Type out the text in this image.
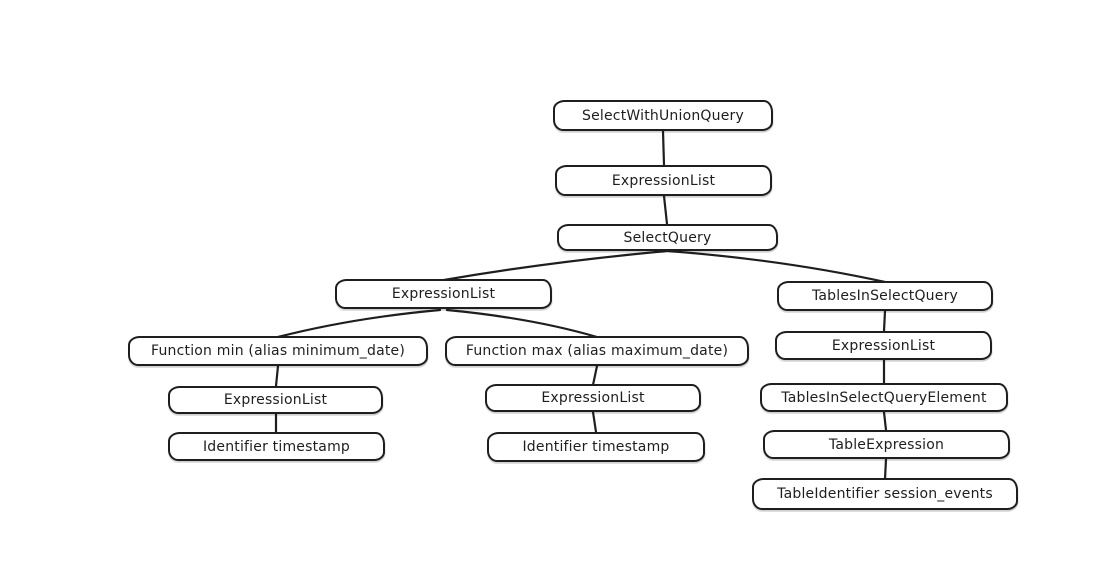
SelectWithUnionQuery
ExpressionList
SelectQuery
ExpressionList	TablesInSelectQuery
Function min (alias minimum_date)	Function max (alias maximum_date)	ExpressionList
ExpressionList	ExpressionList	TablesInSelectQueryElement
Identifier timestamp	Identifier timestamp	TableExpression
TableIdentifier session_events
